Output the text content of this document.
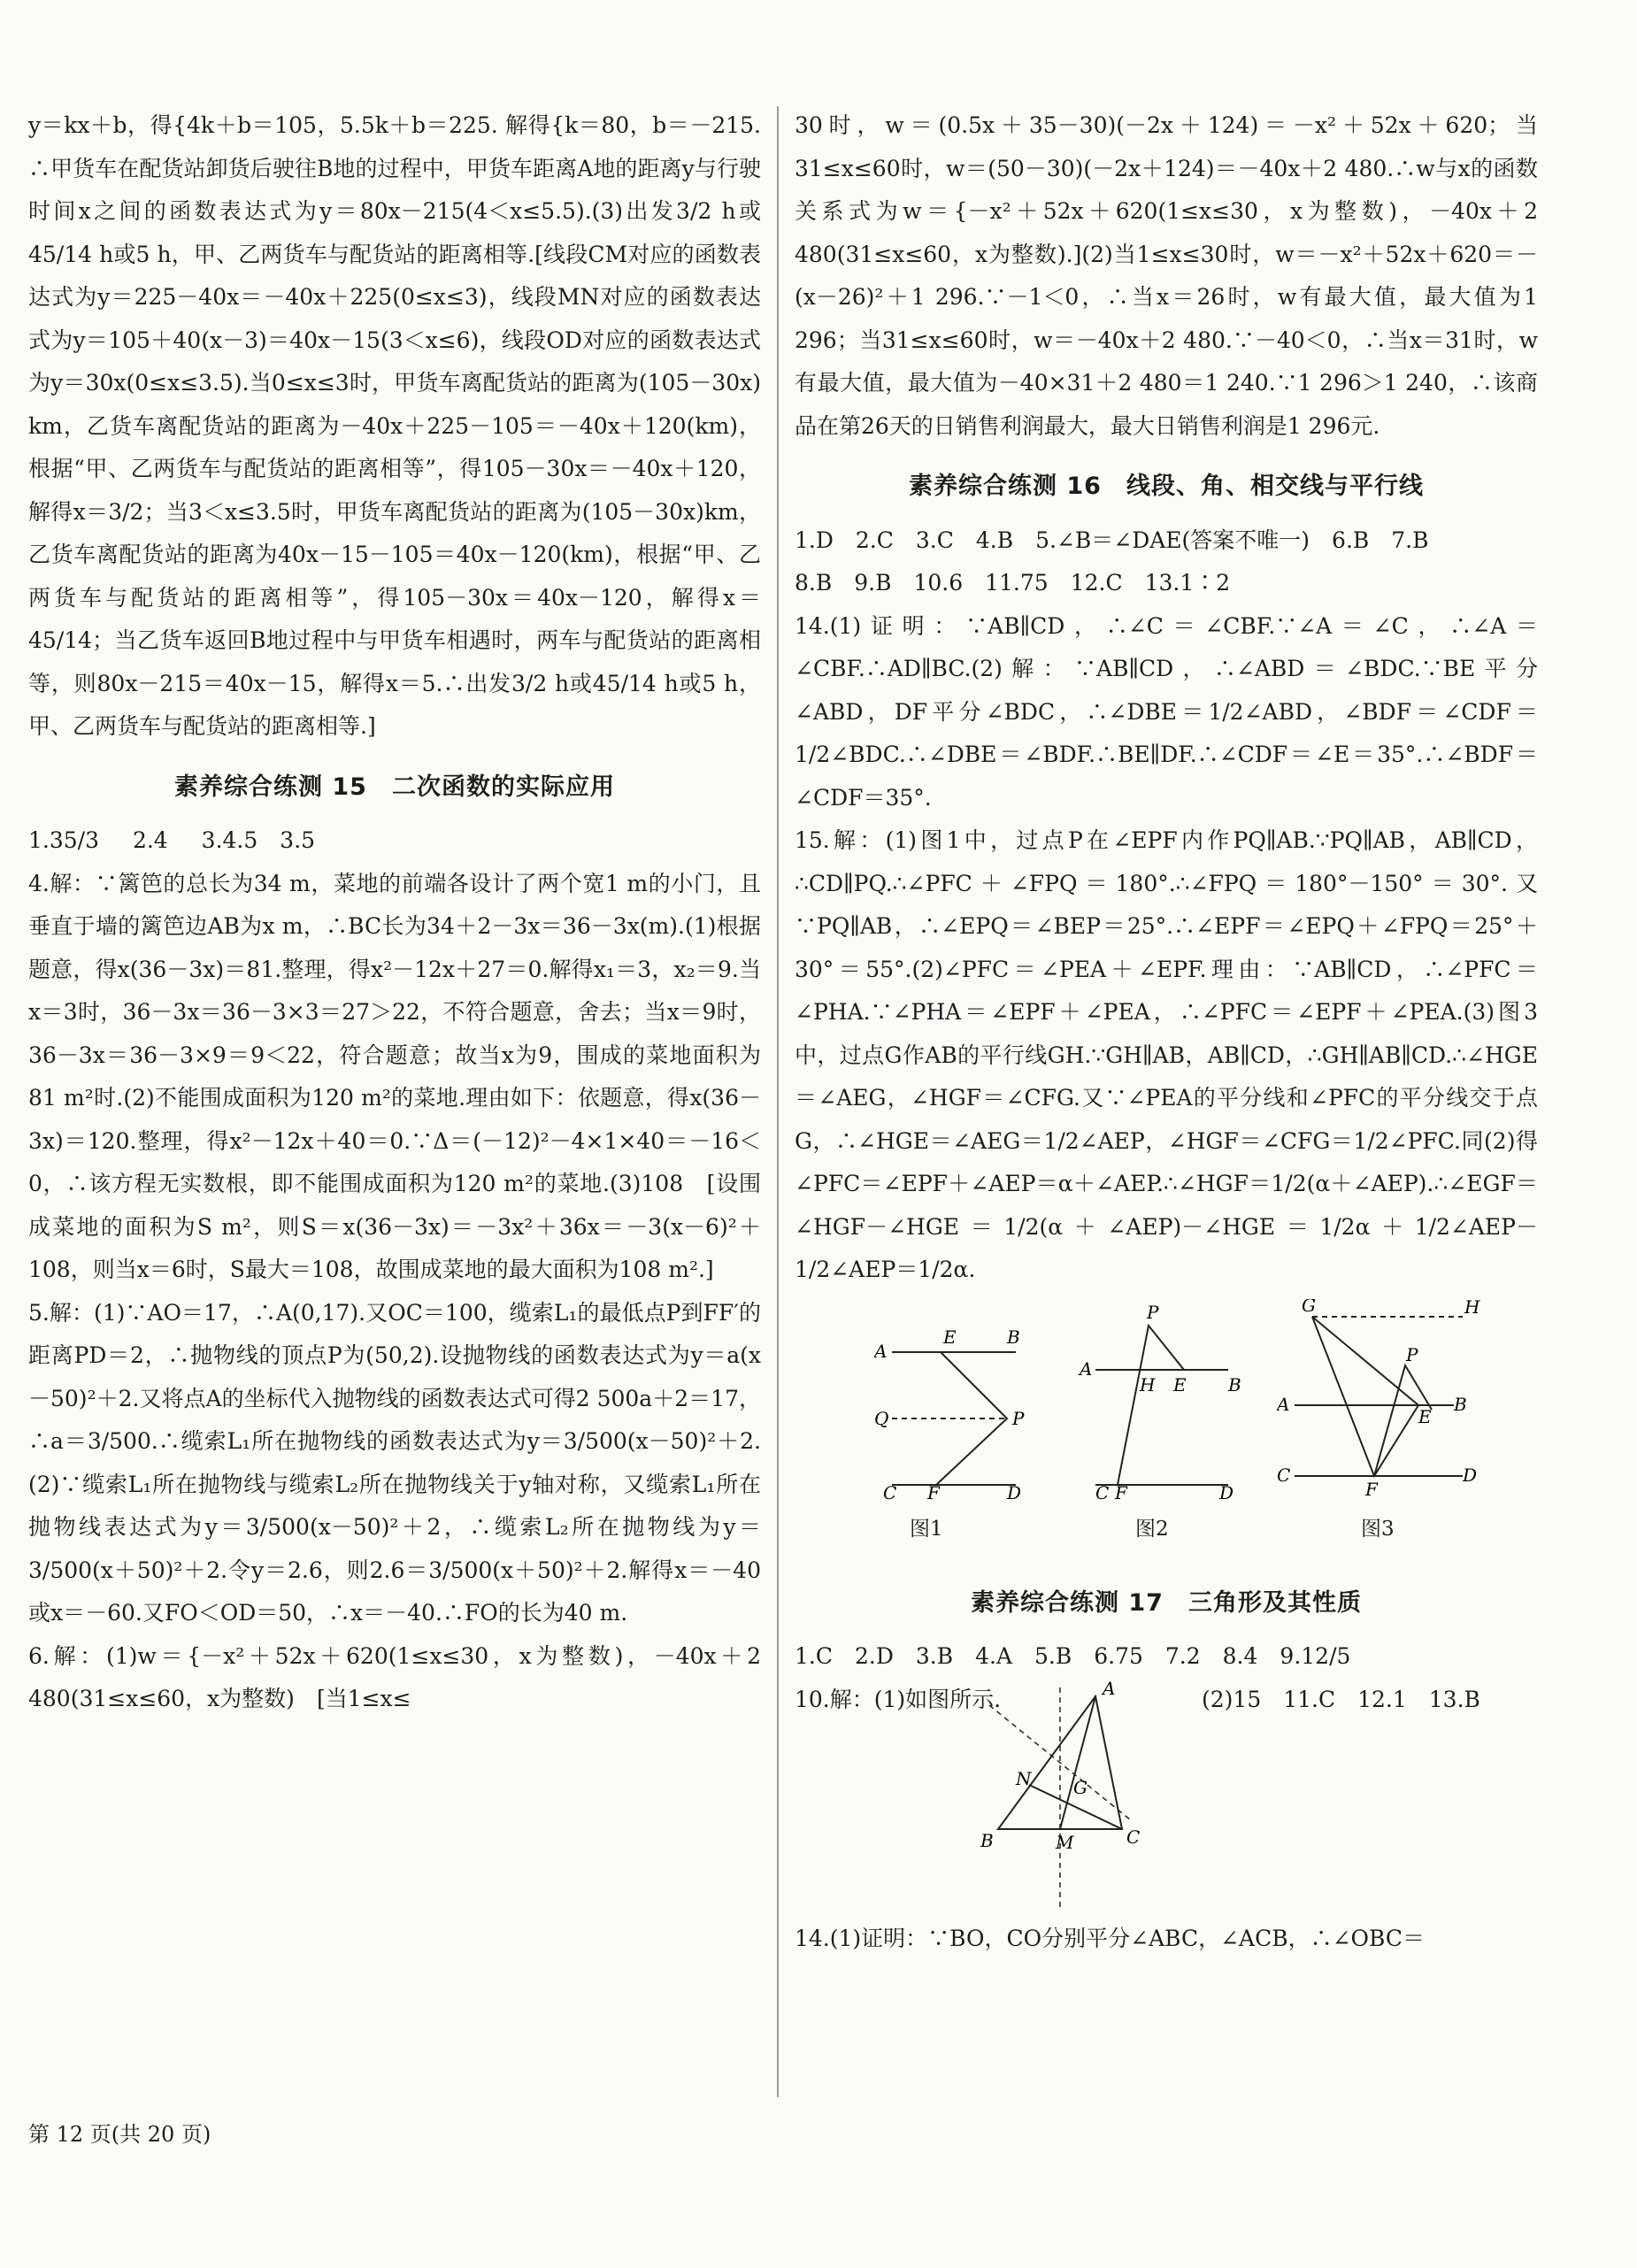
y＝kx＋b，得{4k＋b＝105，5.5k＋b＝225. 解得{k＝80，b＝－215. ∴甲货车在配货站卸货后驶往B地的过程中，甲货车距离A地的距离y与行驶时间x之间的函数表达式为y＝80x－215(4＜x≤5.5).(3)出发3/2 h或45/14 h或5 h，甲、乙两货车与配货站的距离相等.[线段CM对应的函数表达式为y＝225－40x＝－40x＋225(0≤x≤3)，线段MN对应的函数表达式为y＝105＋40(x－3)＝40x－15(3＜x≤6)，线段OD对应的函数表达式为y＝30x(0≤x≤3.5).当0≤x≤3时，甲货车离配货站的距离为(105－30x) km，乙货车离配货站的距离为－40x＋225－105＝－40x＋120(km)，根据“甲、乙两货车与配货站的距离相等”，得105－30x＝－40x＋120，解得x＝3/2；当3＜x≤3.5时，甲货车离配货站的距离为(105－30x)km，乙货车离配货站的距离为40x－15－105＝40x－120(km)，根据“甲、乙两货车与配货站的距离相等”，得105－30x＝40x－120，解得x＝45/14；当乙货车返回B地过程中与甲货车相遇时，两车与配货站的距离相等，则80x－215＝40x－15，解得x＝5.∴出发3/2 h或45/14 h或5 h，甲、乙两货车与配货站的距离相等.]

素养综合练测 15　二次函数的实际应用

1.35/3 2.4 3.4.5　3.5

4.解：∵篱笆的总长为34 m，菜地的前端各设计了两个宽1 m的小门，且垂直于墙的篱笆边AB为x m，∴BC长为34＋2－3x＝36－3x(m).(1)根据题意，得x(36－3x)＝81.整理，得x²－12x＋27＝0.解得x₁＝3，x₂＝9.当x＝3时，36－3x＝36－3×3＝27＞22，不符合题意，舍去；当x＝9时，36－3x＝36－3×9＝9＜22，符合题意；故当x为9，围成的菜地面积为81 m²时.(2)不能围成面积为120 m²的菜地.理由如下：依题意，得x(36－3x)＝120.整理，得x²－12x＋40＝0.∵Δ＝(－12)²－4×1×40＝－16＜0，∴该方程无实数根，即不能围成面积为120 m²的菜地.(3)108　[设围成菜地的面积为S m²，则S＝x(36－3x)＝－3x²＋36x＝－3(x－6)²＋108，则当x＝6时，S最大＝108，故围成菜地的最大面积为108 m².]

5.解：(1)∵AO＝17，∴A(0,17).又OC＝100，缆索L₁的最低点P到FF′的距离PD＝2，∴抛物线的顶点P为(50,2).设抛物线的函数表达式为y＝a(x－50)²＋2.又将点A的坐标代入抛物线的函数表达式可得2 500a＋2＝17，∴a＝3/500.∴缆索L₁所在抛物线的函数表达式为y＝3/500(x－50)²＋2.(2)∵缆索L₁所在抛物线与缆索L₂所在抛物线关于y轴对称，又缆索L₁所在抛物线表达式为y＝3/500(x－50)²＋2，∴缆索L₂所在抛物线为y＝3/500(x＋50)²＋2.令y＝2.6，则2.6＝3/500(x＋50)²＋2.解得x＝－40或x＝－60.又FO＜OD＝50，∴x＝－40.∴FO的长为40 m.

6.解：(1)w＝{－x²＋52x＋620(1≤x≤30，x为整数)，－40x＋2 480(31≤x≤60，x为整数)　[当1≤x≤

30时，w＝(0.5x＋35－30)(－2x＋124)＝－x²＋52x＋620；当31≤x≤60时，w＝(50－30)(－2x＋124)＝－40x＋2 480.∴w与x的函数关系式为w＝{－x²＋52x＋620(1≤x≤30，x为整数)，－40x＋2 480(31≤x≤60，x为整数).](2)当1≤x≤30时，w＝－x²＋52x＋620＝－(x－26)²＋1 296.∵－1＜0，∴当x＝26时，w有最大值，最大值为1 296；当31≤x≤60时，w＝－40x＋2 480.∵－40＜0，∴当x＝31时，w有最大值，最大值为－40×31＋2 480＝1 240.∵1 296＞1 240，∴该商品在第26天的日销售利润最大，最大日销售利润是1 296元.

素养综合练测 16　线段、角、相交线与平行线

1.D　2.C　3.C　4.B　5.∠B＝∠DAE(答案不唯一)　6.B　7.B

8.B　9.B　10.6　11.75　12.C　13.1∶2

14.(1)证明：∵AB∥CD，∴∠C＝∠CBF.∵∠A＝∠C，∴∠A＝∠CBF.∴AD∥BC.(2)解：∵AB∥CD，∴∠ABD＝∠BDC.∵BE平分∠ABD，DF平分∠BDC，∴∠DBE＝1/2∠ABD，∠BDF＝∠CDF＝1/2∠BDC.∴∠DBE＝∠BDF.∴BE∥DF.∴∠CDF＝∠E＝35°.∴∠BDF＝∠CDF＝35°.

15.解：(1)图1中，过点P在∠EPF内作PQ∥AB.∵PQ∥AB，AB∥CD，∴CD∥PQ.∴∠PFC＋∠FPQ＝180°.∴∠FPQ＝180°－150°＝30°.又∵PQ∥AB，∴∠EPQ＝∠BEP＝25°.∴∠EPF＝∠EPQ＋∠FPQ＝25°＋30°＝55°.(2)∠PFC＝∠PEA＋∠EPF.理由：∵AB∥CD，∴∠PFC＝∠PHA.∵∠PHA＝∠EPF＋∠PEA，∴∠PFC＝∠EPF＋∠PEA.(3)图3中，过点G作AB的平行线GH.∵GH∥AB，AB∥CD，∴GH∥AB∥CD.∴∠HGE＝∠AEG，∠HGF＝∠CFG.又∵∠PEA的平分线和∠PFC的平分线交于点G，∴∠HGE＝∠AEG＝1/2∠AEP，∠HGF＝∠CFG＝1/2∠PFC.同(2)得∠PFC＝∠EPF＋∠AEP＝α＋∠AEP.∴∠HGF＝1/2(α＋∠AEP).∴∠EGF＝∠HGF－∠HGE＝1/2(α＋∠AEP)－∠HGE＝1/2α＋1/2∠AEP－1/2∠AEP＝1/2α.

A
E	B
Q	P
C F	D
图1
P
A
H E B
C F	D
图2
G	H
P
A
E
B
C
F
D
图3
素养综合练测 17　三角形及其性质

1.C　2.D　3.B　4.A　5.B　6.75　7.2　8.4　9.12/5

10.解：(1)如图所示.	(2)15　11.C　12.1　13.B
A
N G
B	M	C

14.(1)证明：∵BO，CO分别平分∠ABC，∠ACB，∴∠OBC＝

第 12 页(共 20 页)
